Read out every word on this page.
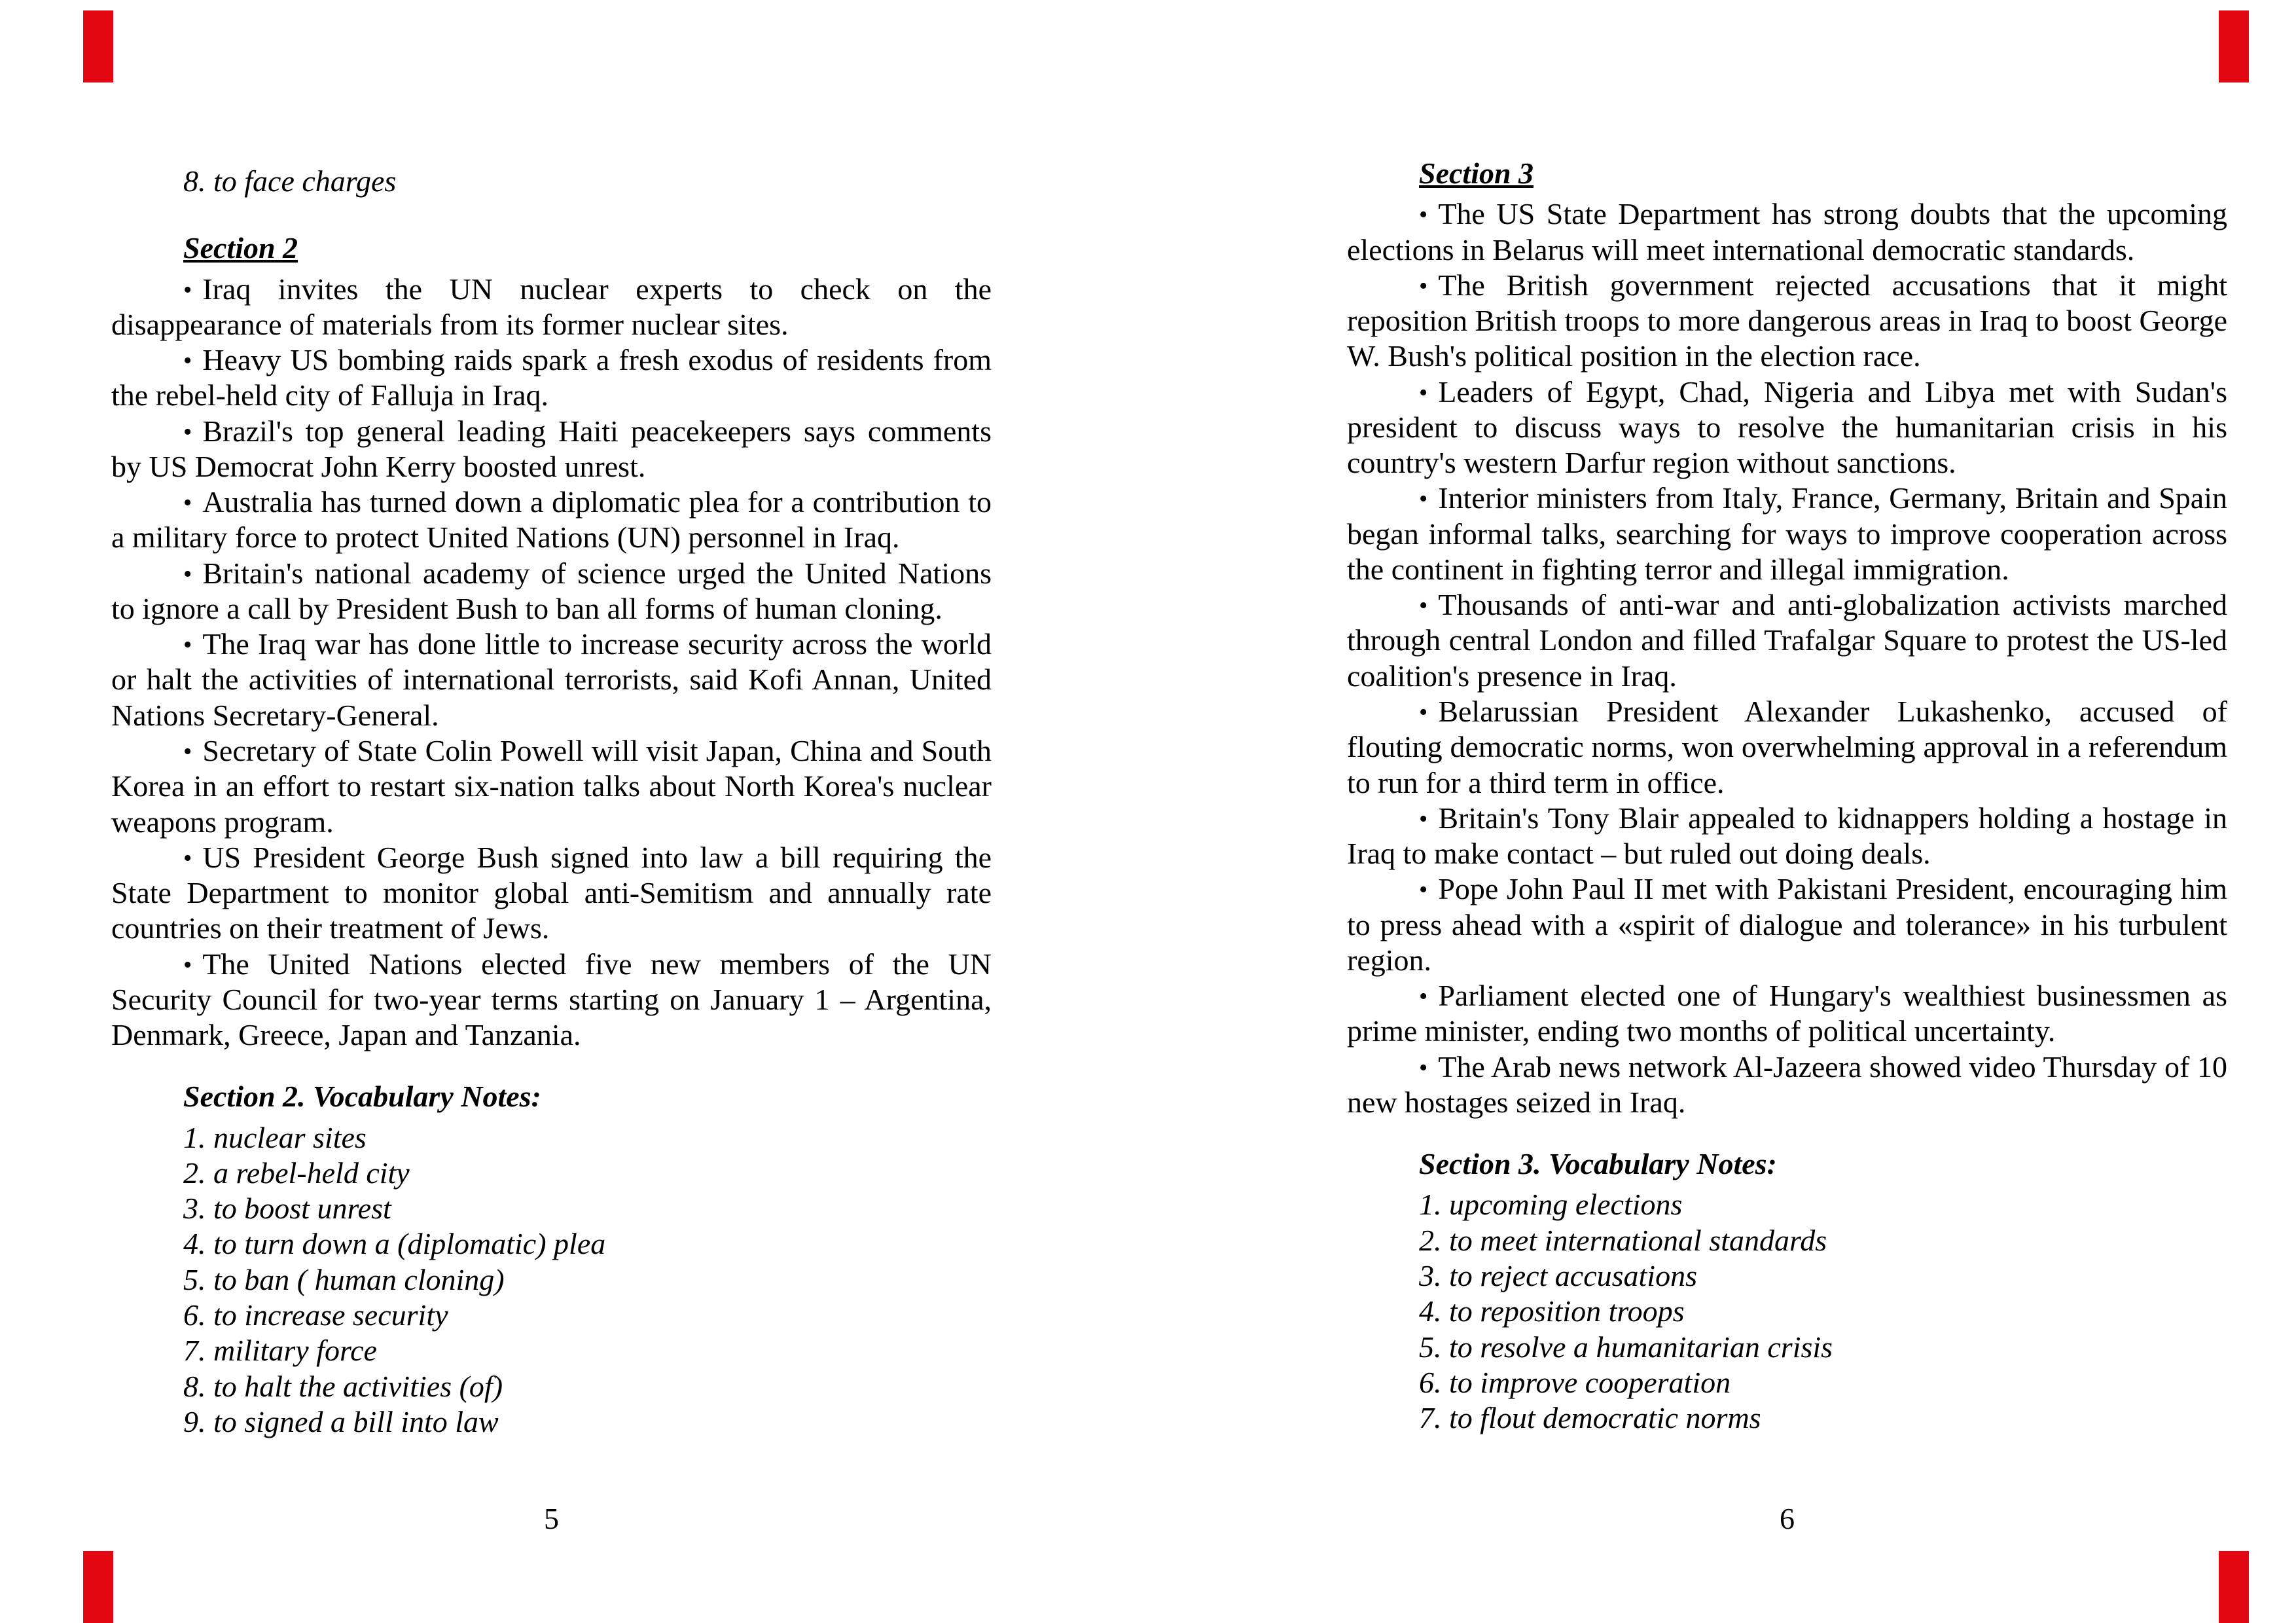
8. to face charges

Section 2

• Iraq invites the UN nuclear experts to check on the disappearance of materials from its former nuclear sites.

• Heavy US bombing raids spark a fresh exodus of residents from the rebel-held city of Falluja in Iraq.

• Brazil's top general leading Haiti peacekeepers says comments by US Democrat John Kerry boosted unrest.

• Australia has turned down a diplomatic plea for a contribution to a military force to protect United Nations (UN) personnel in Iraq.

• Britain's national academy of science urged the United Nations to ignore a call by President Bush to ban all forms of human cloning.

• The Iraq war has done little to increase security across the world or halt the activities of international terrorists, said Kofi Annan, United Nations Secretary-General.

• Secretary of State Colin Powell will visit Japan, China and South Korea in an effort to restart six-nation talks about North Korea's nuclear weapons program.

• US President George Bush signed into law a bill requiring the State Department to monitor global anti-Semitism and annually rate countries on their treatment of Jews.

• The United Nations elected five new members of the UN Security Council for two-year terms starting on January 1 – Argentina, Denmark, Greece, Japan and Tanzania.

Section 2. Vocabulary Notes:

1. nuclear sites

2. a rebel-held city

3. to boost unrest

4. to turn down a (diplomatic) plea

5. to ban ( human cloning)

6. to increase security

7. military force

8. to halt the activities (of)

9. to signed a bill into law

5
Section 3

• The US State Department has strong doubts that the upcoming elections in Belarus will meet international democratic standards.

• The British government rejected accusations that it might reposition British troops to more dangerous areas in Iraq to boost George W. Bush's political position in the election race.

• Leaders of Egypt, Chad, Nigeria and Libya met with Sudan's president to discuss ways to resolve the humanitarian crisis in his country's western Darfur region without sanctions.

• Interior ministers from Italy, France, Germany, Britain and Spain began informal talks, searching for ways to improve cooperation across the continent in fighting terror and illegal immigration.

• Thousands of anti-war and anti-globalization activists marched through central London and filled Trafalgar Square to protest the US-led coalition's presence in Iraq.

• Belarussian President Alexander Lukashenko, accused of flouting democratic norms, won overwhelming approval in a referendum to run for a third term in office.

• Britain's Tony Blair appealed to kidnappers holding a hostage in Iraq to make contact – but ruled out doing deals.

• Pope John Paul II met with Pakistani President, encouraging him to press ahead with a «spirit of dialogue and tolerance» in his turbulent region.

• Parliament elected one of Hungary's wealthiest businessmen as prime minister, ending two months of political uncertainty.

• The Arab news network Al-Jazeera showed video Thursday of 10 new hostages seized in Iraq.

Section 3. Vocabulary Notes:

1. upcoming elections

2. to meet international standards

3. to reject accusations

4. to reposition troops

5. to resolve a humanitarian crisis

6. to improve cooperation

7. to flout democratic norms

6
